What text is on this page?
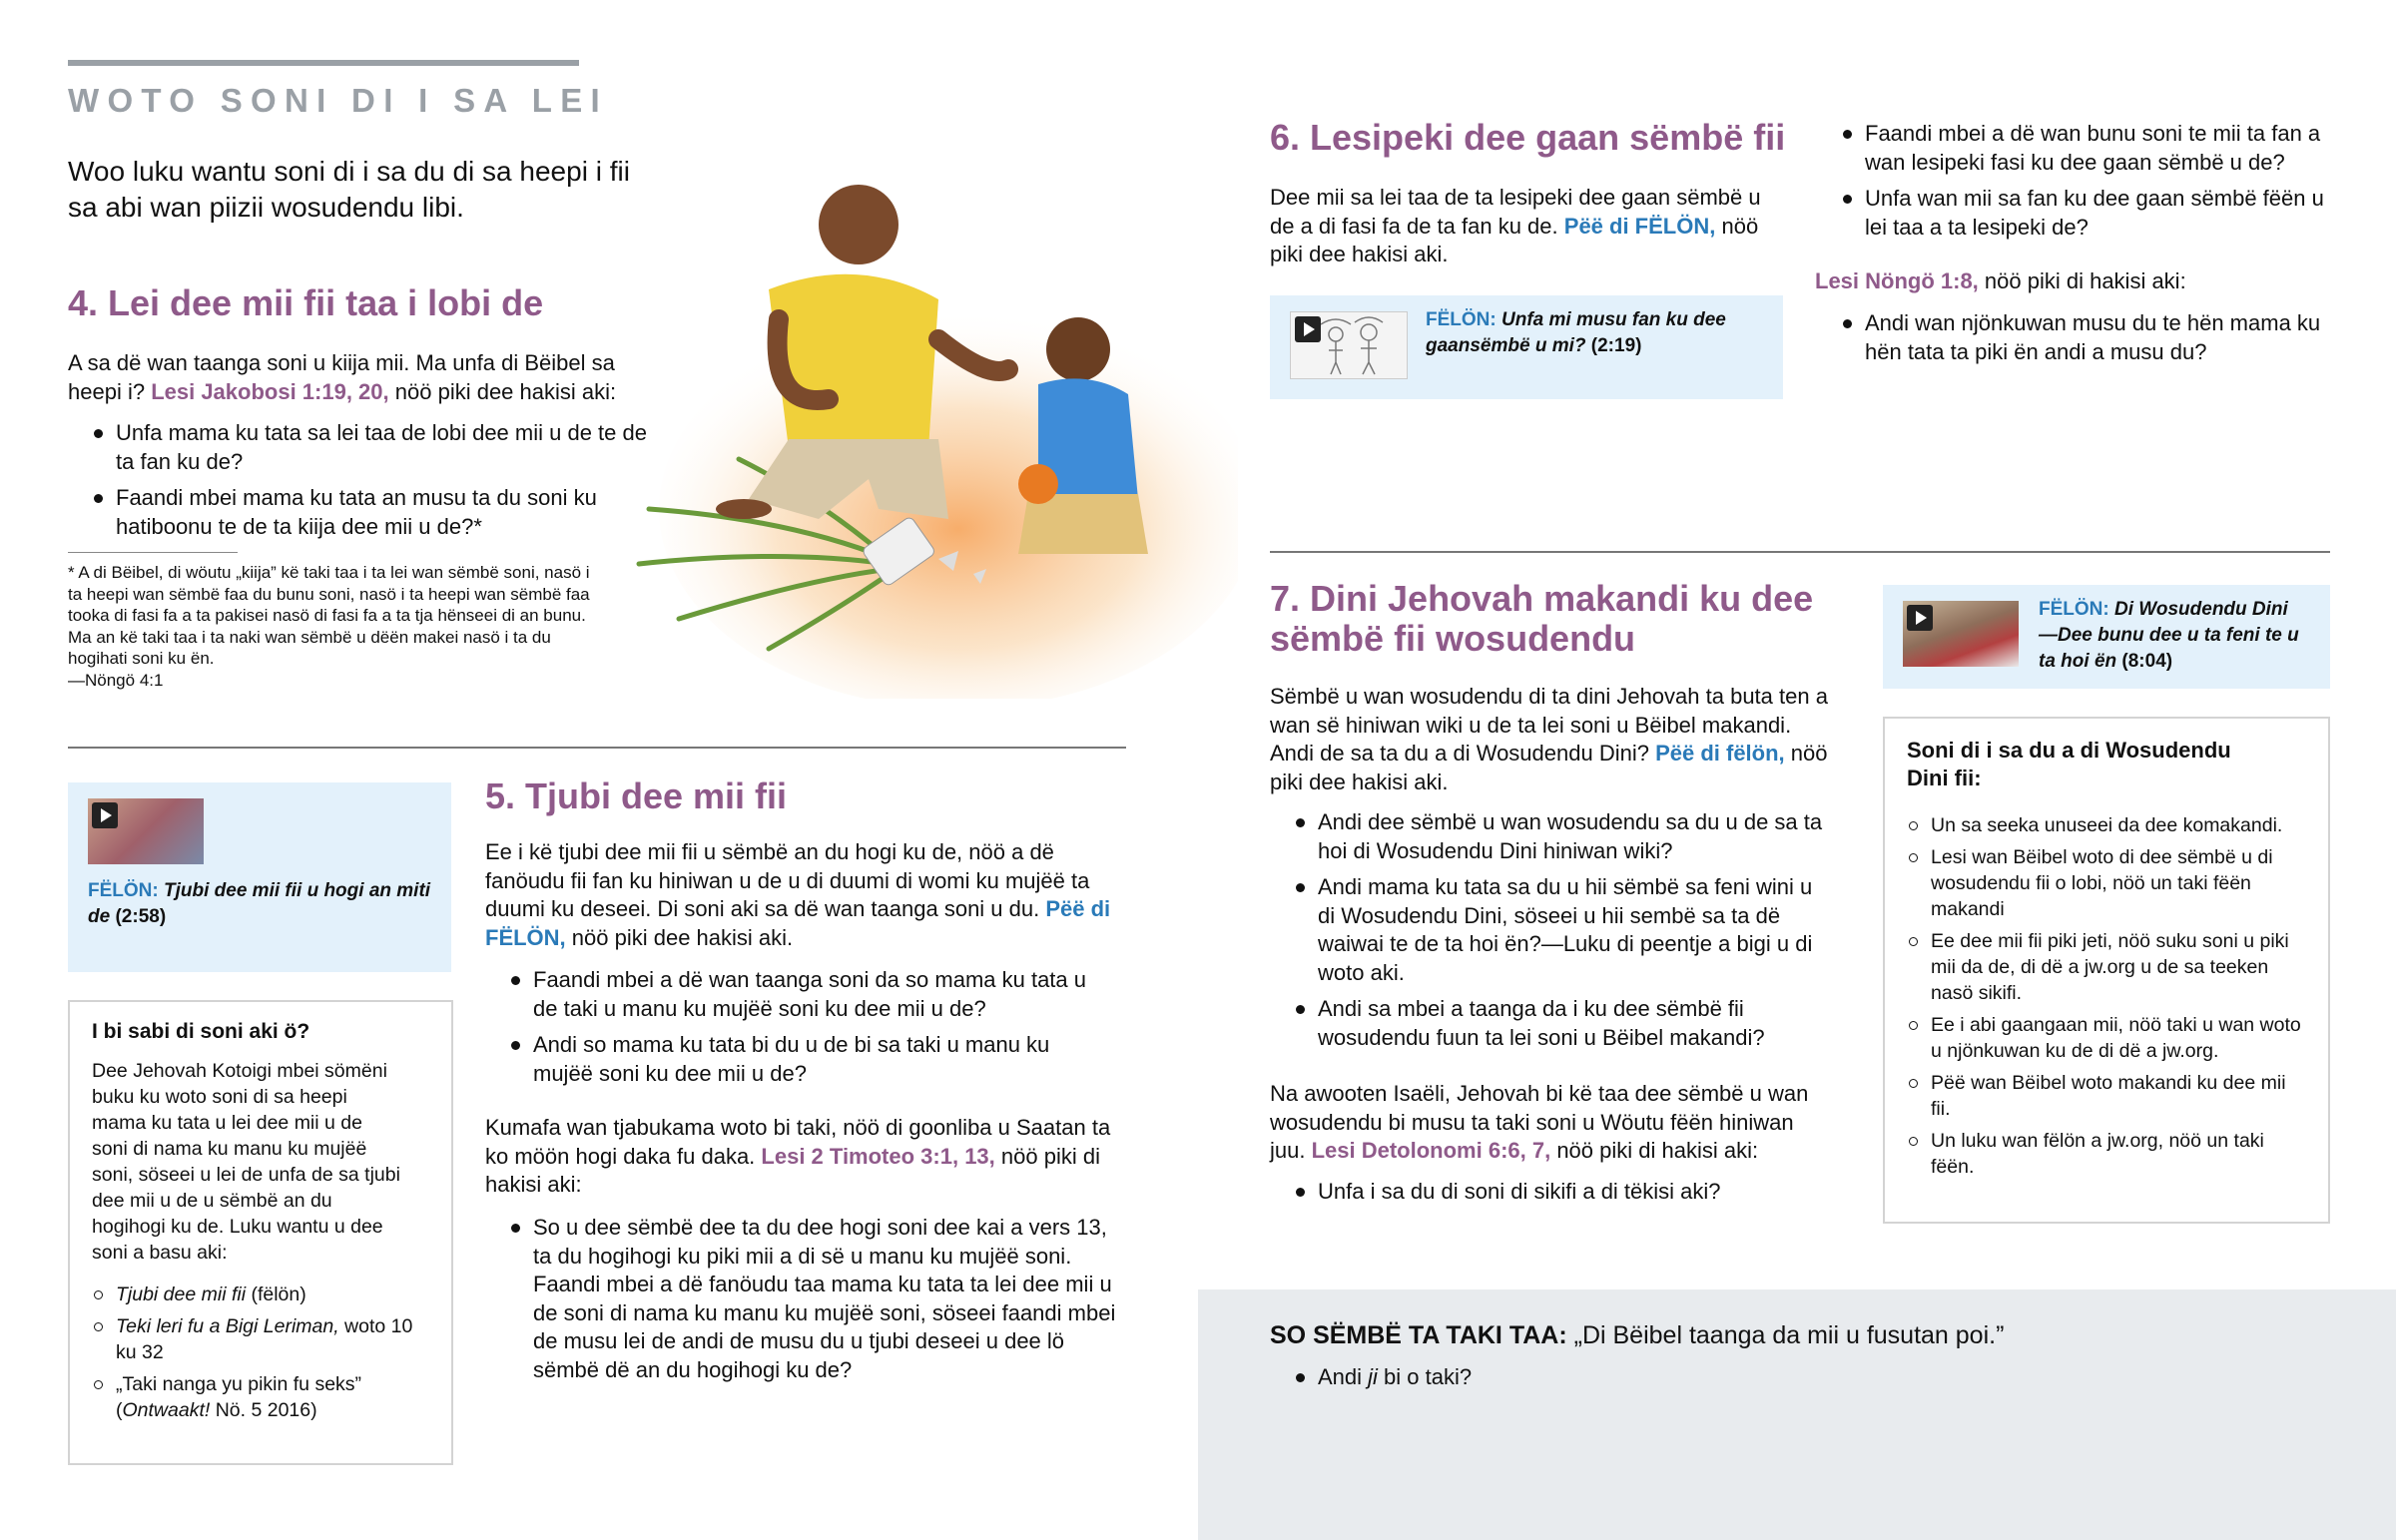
WOTO SONI DI I SA LEI

Woo luku wantu soni di i sa du di sa heepi i fii sa abi wan piizii wosudendu libi.

4. Lei dee mii fii taa i lobi de

A sa dë wan taanga soni u kiija mii. Ma unfa di Bëibel sa heepi i? Lesi Jakobosi 1:19, 20, nöö piki dee hakisi aki:

Unfa mama ku tata sa lei taa de lobi dee mii u de te de ta fan ku de?
Faandi mbei mama ku tata an musu ta du soni ku hatiboonu te de ta kiija dee mii u de?*

* A di Bëibel, di wöutu „kiija” kë taki taa i ta lei wan sëmbë soni, nasö i ta heepi wan sëmbë faa du bunu soni, nasö i ta heepi wan sëmbë faa tooka di fasi fa a ta pakisei nasö di fasi fa a ta tja hënseei di an bunu. Ma an kë taki taa i ta naki wan sëmbë u dëën makei nasö i ta du hogihati soni ku ën.
—Nöngö 4:1

FËLÖN: Tjubi dee mii fii u hogi an miti de (2:58)
I bi sabi di soni aki ö?

Dee Jehovah Kotoigi mbei sömëni buku ku woto soni di sa heepi mama ku tata u lei dee mii u de soni di nama ku manu ku mujëë soni, söseei u lei de unfa de sa tjubi dee mii u de u sëmbë an du hogihogi ku de. Luku wantu u dee soni a basu aki:

Tjubi dee mii fii (fëlön)
Teki leri fu a Bigi Leriman, woto 10 ku 32
„Taki nanga yu pikin fu seks” (Ontwaakt! Nö. 5 2016)
5. Tjubi dee mii fii

Ee i kë tjubi dee mii fii u sëmbë an du hogi ku de, nöö a dë fanöudu fii fan ku hiniwan u de u di duumi di womi ku mujëë ta duumi ku deseei. Di soni aki sa dë wan taanga soni u du. Pëë di FËLÖN, nöö piki dee hakisi aki.

Faandi mbei a dë wan taanga soni da so mama ku tata u de taki u manu ku mujëë soni ku dee mii u de?
Andi so mama ku tata bi du u de bi sa taki u manu ku mujëë soni ku dee mii u de?

Kumafa wan tjabukama woto bi taki, nöö di goonliba u Saatan ta ko möön hogi daka fu daka. Lesi 2 Timoteo 3:1, 13, nöö piki di hakisi aki:

So u dee sëmbë dee ta du dee hogi soni dee kai a vers 13, ta du hogihogi ku piki mii a di së u manu ku mujëë soni. Faandi mbei a dë fanöudu taa mama ku tata ta lei dee mii u de soni di nama ku manu ku mujëë soni, söseei faandi mbei de musu lei de andi de musu du u tjubi deseei u dee lö sëmbë dë an du hogihogi ku de?
6. Lesipeki dee gaan sëmbë fii

Dee mii sa lei taa de ta lesipeki dee gaan sëmbë u de a di fasi fa de ta fan ku de. Pëë di FËLÖN, nöö piki dee hakisi aki.

FËLÖN: Unfa mi musu fan ku dee gaansëmbë u mi? (2:19)
Faandi mbei a dë wan bunu soni te mii ta fan a wan lesipeki fasi ku dee gaan sëmbë u de?
Unfa wan mii sa fan ku dee gaan sëmbë fëën u lei taa a ta lesipeki de?

Lesi Nöngö 1:8, nöö piki di hakisi aki:

Andi wan njönkuwan musu du te hën mama ku hën tata ta piki ën andi a musu du?
7. Dini Jehovah makandi ku dee
sëmbë fii wosudendu

Sëmbë u wan wosudendu di ta dini Jehovah ta buta ten a wan së hiniwan wiki u de ta lei soni u Bëibel makandi. Andi de sa ta du a di Wosudendu Dini? Pëë di fëlön, nöö piki dee hakisi aki.

Andi dee sëmbë u wan wosudendu sa du u de sa ta hoi di Wosudendu Dini hiniwan wiki?
Andi mama ku tata sa du u hii sëmbë sa feni wini u di Wosudendu Dini, söseei u hii sembë sa ta dë waiwai te de ta hoi ën?—Luku di peentje a bigi u di woto aki.
Andi sa mbei a taanga da i ku dee sëmbë fii wosudendu fuun ta lei soni u Bëibel makandi?

Na awooten Isaëli, Jehovah bi kë taa dee sëmbë u wan wosudendu bi musu ta taki soni u Wöutu fëën hiniwan juu. Lesi Detolonomi 6:6, 7, nöö piki di hakisi aki:

Unfa i sa du di soni di sikifi a di tëkisi aki?
FËLÖN: Di Wosudendu Dini —Dee bunu dee u ta feni te u ta hoi ën (8:04)
Soni di i sa du a di Wosudendu Dini fii:
Un sa seeka unuseei da dee komakandi.
Lesi wan Bëibel woto di dee sëmbë u di wosudendu fii o lobi, nöö un taki fëën makandi
Ee dee mii fii piki jeti, nöö suku soni u piki mii da de, di dë a jw.org u de sa teeken nasö sikifi.
Ee i abi gaangaan mii, nöö taki u wan woto u njönkuwan ku de di dë a jw.org.
Pëë wan Bëibel woto makandi ku dee mii fii.
Un luku wan fëlön a jw.org, nöö un taki fëën.

SO SËMBË TA TAKI TAA: „Di Bëibel taanga da mii u fusutan poi.”

Andi ji bi o taki?
